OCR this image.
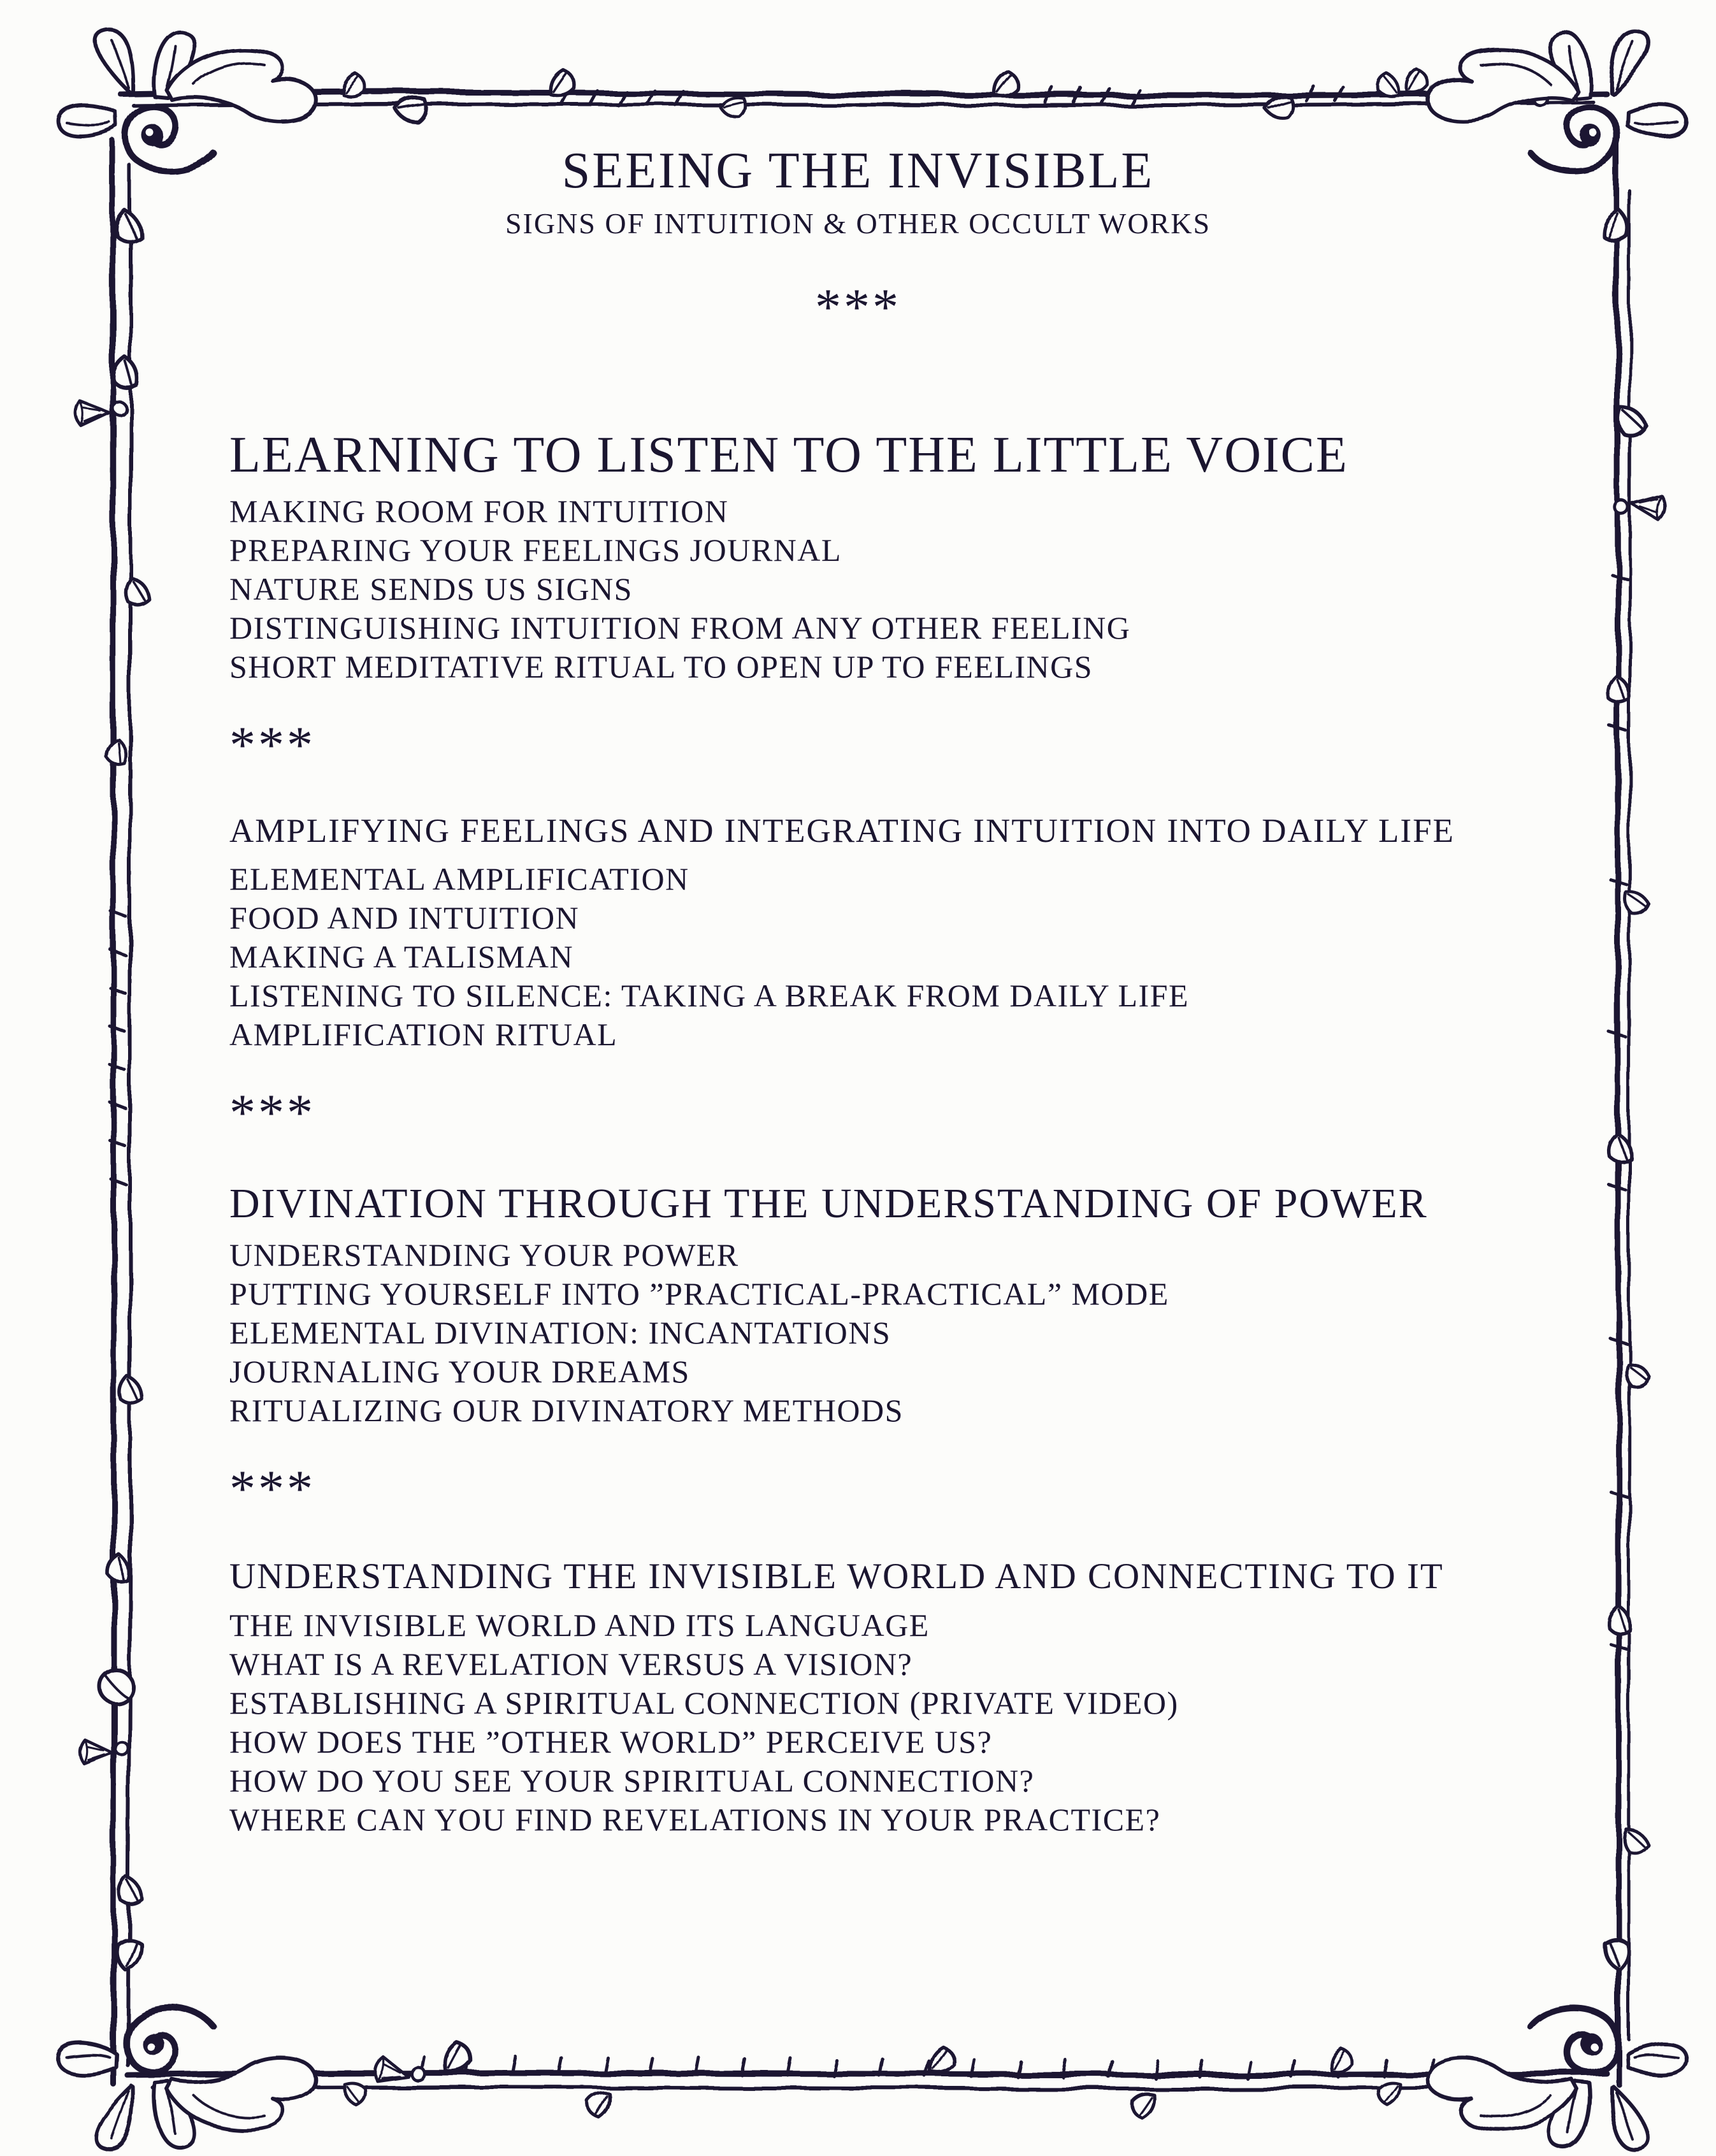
SEEING THE INVISIBLE
SIGNS OF INTUITION & OTHER OCCULT WORKS
***
LEARNING TO LISTEN TO THE LITTLE VOICE

MAKING ROOM FOR INTUITION

PREPARING YOUR FEELINGS JOURNAL

NATURE SENDS US SIGNS

DISTINGUISHING INTUITION FROM ANY OTHER FEELING

SHORT MEDITATIVE RITUAL TO OPEN UP TO FEELINGS

***
AMPLIFYING FEELINGS AND INTEGRATING INTUITION INTO DAILY LIFE

ELEMENTAL AMPLIFICATION

FOOD AND INTUITION

MAKING A TALISMAN

LISTENING TO SILENCE: TAKING A BREAK FROM DAILY LIFE

AMPLIFICATION RITUAL

***
DIVINATION THROUGH THE UNDERSTANDING OF POWER

UNDERSTANDING YOUR POWER

PUTTING YOURSELF INTO ”PRACTICAL-PRACTICAL” MODE

ELEMENTAL DIVINATION: INCANTATIONS

JOURNALING YOUR DREAMS

RITUALIZING OUR DIVINATORY METHODS

***
UNDERSTANDING THE INVISIBLE WORLD AND CONNECTING TO IT

THE INVISIBLE WORLD AND ITS LANGUAGE

WHAT IS A REVELATION VERSUS A VISION?

ESTABLISHING A SPIRITUAL CONNECTION (PRIVATE VIDEO)

HOW DOES THE ”OTHER WORLD” PERCEIVE US?

HOW DO YOU SEE YOUR SPIRITUAL CONNECTION?

WHERE CAN YOU FIND REVELATIONS IN YOUR PRACTICE?
